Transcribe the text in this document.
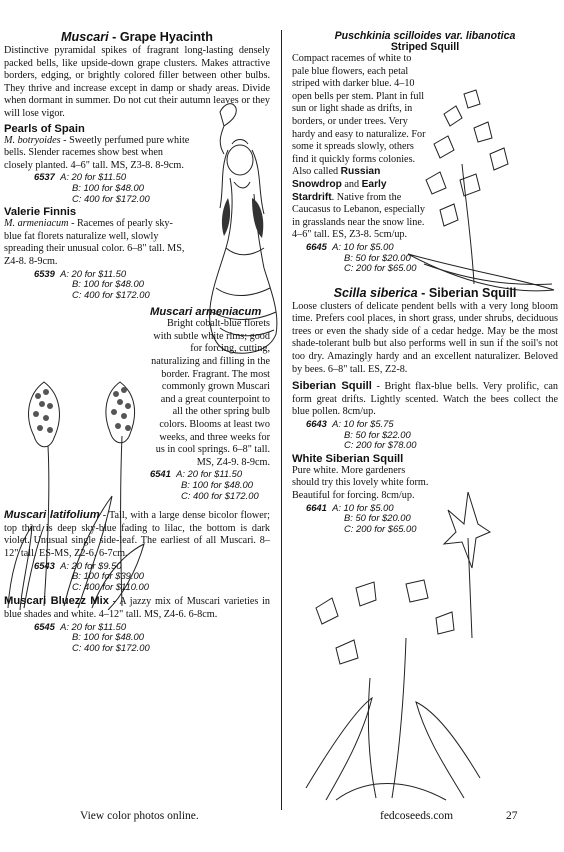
Muscari - Grape Hyacinth

Distinctive pyramidal spikes of fragrant long-lasting densely packed bells, like upside-down grape clusters. Makes attractive borders, edging, or brightly colored filler between other bulbs. They thrive and increase except in damp or shady areas. Divide when dormant in summer. Do not cut their autumn leaves or they will lose vigor.

Pearls of Spain

M. botryoides - Sweetly perfumed pure white bells. Slender racemes show best when closely planted. 4–6" tall. MS, Z3-8. 8-9cm.

6537 A: 20 for $11.50
B: 100 for $48.00
C: 400 for $172.00
Valerie Finnis

M. armeniacum - Racemes of pearly sky-blue fat florets naturalize well, slowly spreading their unusual color. 6–8" tall. MS, Z4-8. 8-9cm.

6539 A: 20 for $11.50
B: 100 for $48.00
C: 400 for $172.00
Muscari armeniacum

Bright cobalt-blue florets with subtle white rims; good for forcing, cutting, naturalizing and filling in the border. Fragrant. The most commonly grown Muscari and a great counterpoint to all the other spring bulb colors. Blooms at least two weeks, and three weeks for us in cool springs. 6–8" tall. MS, Z4-9. 8-9cm.

6541 A: 20 for $11.50
B: 100 for $48.00
C: 400 for $172.00

Muscari latifolium - Tall, with a large dense bicolor flower; top third is deep sky-blue fading to lilac, the bottom is dark violet. Unusual single side-leaf. The earliest of all Muscari. 8–12" tall. ES-MS, Z2-6. 6-7cm.

6543 A: 20 for $9.50
B: 100 for $39.00
C: 400 for $110.00

Muscari Bluezz Mix - A jazzy mix of Muscari varieties in blue shades and white. 4–12" tall. MS, Z4-6. 6-8cm.

6545 A: 20 for $11.50
B: 100 for $48.00
C: 400 for $172.00
Puschkinia scilloides var. libanotica
Striped Squill

Compact racemes of white to pale blue flowers, each petal striped with darker blue. 4–10 open bells per stem. Plant in full sun or light shade as drifts, in borders, or under trees. Very hardy and easy to naturalize. For some it spreads slowly, others find it quickly forms colonies. Also called Russian Snowdrop and Early Stardrift. Native from the Caucasus to Lebanon, especially in grasslands near the snow line. 4–6" tall. ES, Z3-8. 5cm/up.

6645 A: 10 for $5.00
B: 50 for $20.00
C: 200 for $65.00
Scilla siberica - Siberian Squill

Loose clusters of delicate pendent bells with a very long bloom time. Prefers cool places, in short grass, under shrubs, deciduous trees or even the shady side of a cedar hedge. May be the most shade-tolerant bulb but also performs well in sun if the soil's not too dry. Amazingly hardy and an excellent naturalizer. Beloved by bees. 6–8" tall. ES, Z2-8.

Siberian Squill - Bright flax-blue bells. Very prolific, can form great drifts. Lightly scented. Watch the bees collect the blue pollen. 8cm/up.

6643 A: 10 for $5.75
B: 50 for $22.00
C: 200 for $78.00
White Siberian Squill

Pure white. More gardeners should try this lovely white form. Beautiful for forcing. 8cm/up.

6641 A: 10 for $5.00
B: 50 for $20.00
C: 200 for $65.00
View color photos online.	fedcoseeds.com	27
